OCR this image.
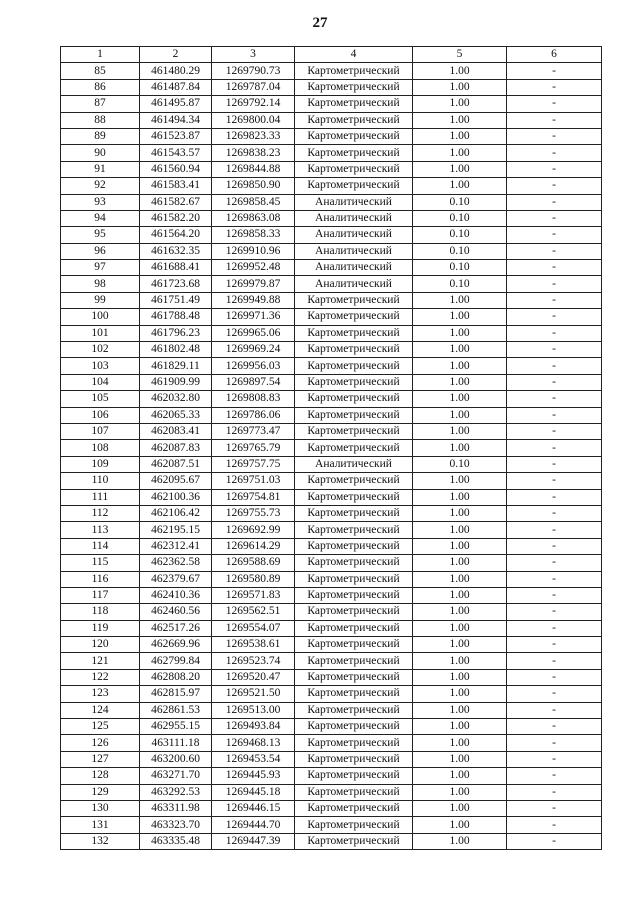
27
1	2	3	4	5	6
85	461480.29	1269790.73	Картометрический	1.00	-
86	461487.84	1269787.04	Картометрический	1.00	-
87	461495.87	1269792.14	Картометрический	1.00	-
88	461494.34	1269800.04	Картометрический	1.00	-
89	461523.87	1269823.33	Картометрический	1.00	-
90	461543.57	1269838.23	Картометрический	1.00	-
91	461560.94	1269844.88	Картометрический	1.00	-
92	461583.41	1269850.90	Картометрический	1.00	-
93	461582.67	1269858.45	Аналитический	0.10	-
94	461582.20	1269863.08	Аналитический	0.10	-
95	461564.20	1269858.33	Аналитический	0.10	-
96	461632.35	1269910.96	Аналитический	0.10	-
97	461688.41	1269952.48	Аналитический	0.10	-
98	461723.68	1269979.87	Аналитический	0.10	-
99	461751.49	1269949.88	Картометрический	1.00	-
100	461788.48	1269971.36	Картометрический	1.00	-
101	461796.23	1269965.06	Картометрический	1.00	-
102	461802.48	1269969.24	Картометрический	1.00	-
103	461829.11	1269956.03	Картометрический	1.00	-
104	461909.99	1269897.54	Картометрический	1.00	-
105	462032.80	1269808.83	Картометрический	1.00	-
106	462065.33	1269786.06	Картометрический	1.00	-
107	462083.41	1269773.47	Картометрический	1.00	-
108	462087.83	1269765.79	Картометрический	1.00	-
109	462087.51	1269757.75	Аналитический	0.10	-
110	462095.67	1269751.03	Картометрический	1.00	-
111	462100.36	1269754.81	Картометрический	1.00	-
112	462106.42	1269755.73	Картометрический	1.00	-
113	462195.15	1269692.99	Картометрический	1.00	-
114	462312.41	1269614.29	Картометрический	1.00	-
115	462362.58	1269588.69	Картометрический	1.00	-
116	462379.67	1269580.89	Картометрический	1.00	-
117	462410.36	1269571.83	Картометрический	1.00	-
118	462460.56	1269562.51	Картометрический	1.00	-
119	462517.26	1269554.07	Картометрический	1.00	-
120	462669.96	1269538.61	Картометрический	1.00	-
121	462799.84	1269523.74	Картометрический	1.00	-
122	462808.20	1269520.47	Картометрический	1.00	-
123	462815.97	1269521.50	Картометрический	1.00	-
124	462861.53	1269513.00	Картометрический	1.00	-
125	462955.15	1269493.84	Картометрический	1.00	-
126	463111.18	1269468.13	Картометрический	1.00	-
127	463200.60	1269453.54	Картометрический	1.00	-
128	463271.70	1269445.93	Картометрический	1.00	-
129	463292.53	1269445.18	Картометрический	1.00	-
130	463311.98	1269446.15	Картометрический	1.00	-
131	463323.70	1269444.70	Картометрический	1.00	-
132	463335.48	1269447.39	Картометрический	1.00	-
